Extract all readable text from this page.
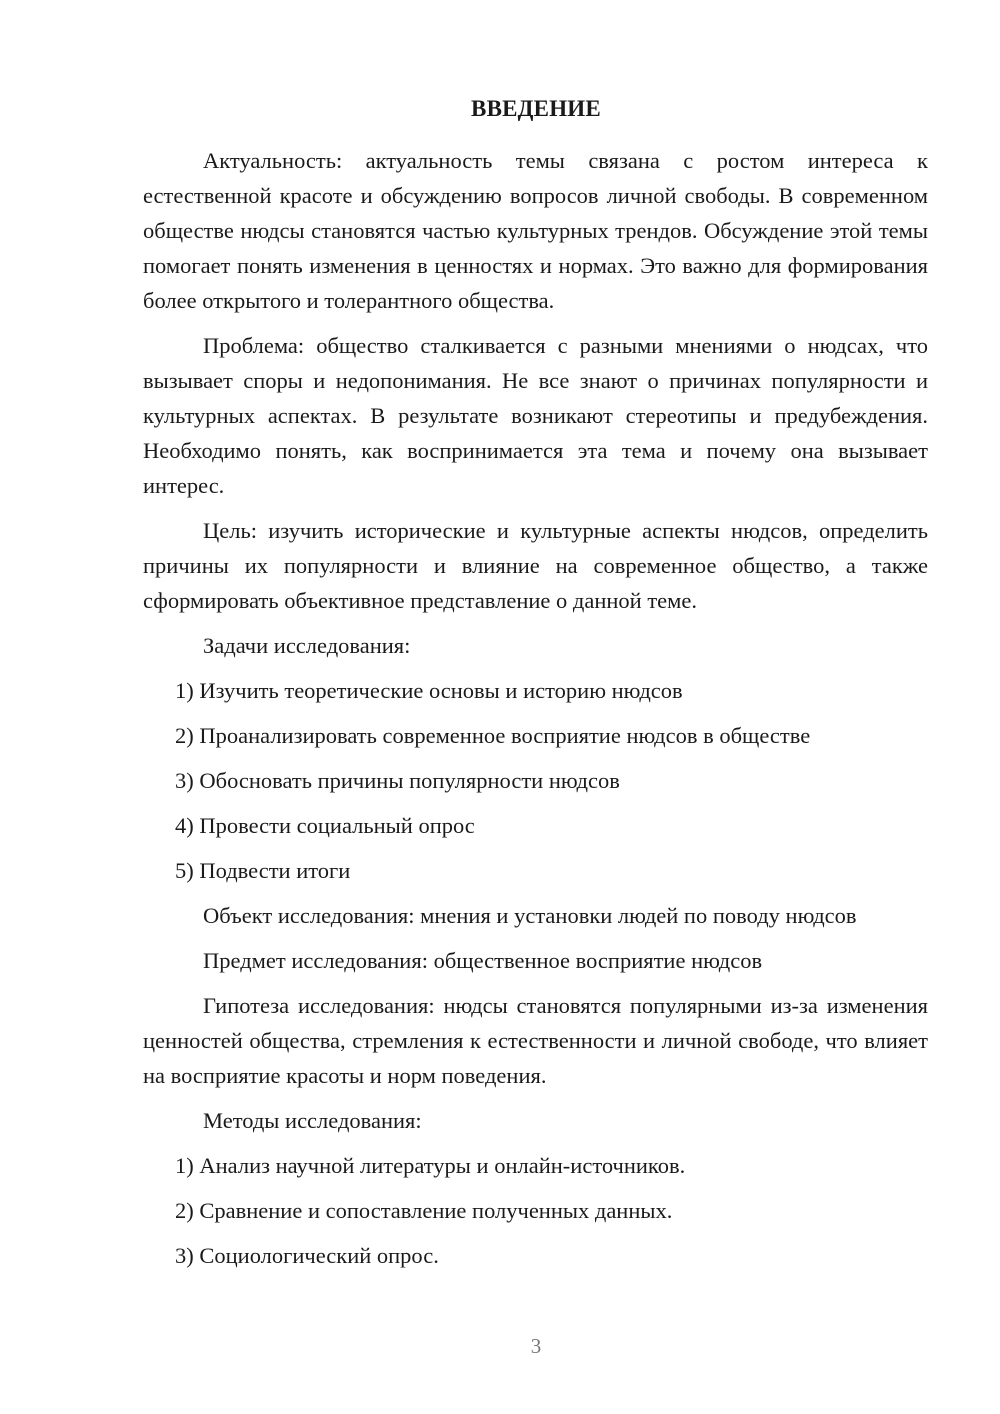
ВВЕДЕНИЕ

Актуальность: актуальность темы связана с ростом интереса к естественной красоте и обсуждению вопросов личной свободы. В современном обществе нюдсы становятся частью культурных трендов. Обсуждение этой темы помогает понять изменения в ценностях и нормах. Это важно для формирования более открытого и толерантного общества.

Проблема: общество сталкивается с разными мнениями о нюдсах, что вызывает споры и недопонимания. Не все знают о причинах популярности и культурных аспектах. В результате возникают стереотипы и предубеждения. Необходимо понять, как воспринимается эта тема и почему она вызывает интерес.

Цель: изучить исторические и культурные аспекты нюдсов, определить причины их популярности и влияние на современное общество, а также сформировать объективное представление о данной теме.

Задачи исследования:

1) Изучить теоретические основы и историю нюдсов

2) Проанализировать современное восприятие нюдсов в обществе

3) Обосновать причины популярности нюдсов

4) Провести социальный опрос

5) Подвести итоги

Объект исследования: мнения и установки людей по поводу нюдсов

Предмет исследования: общественное восприятие нюдсов

Гипотеза исследования: нюдсы становятся популярными из-за изменения ценностей общества, стремления к естественности и личной свободе, что влияет на восприятие красоты и норм поведения.

Методы исследования:

1) Анализ научной литературы и онлайн-источников.

2) Сравнение и сопоставление полученных данных.

3) Социологический опрос.

3
